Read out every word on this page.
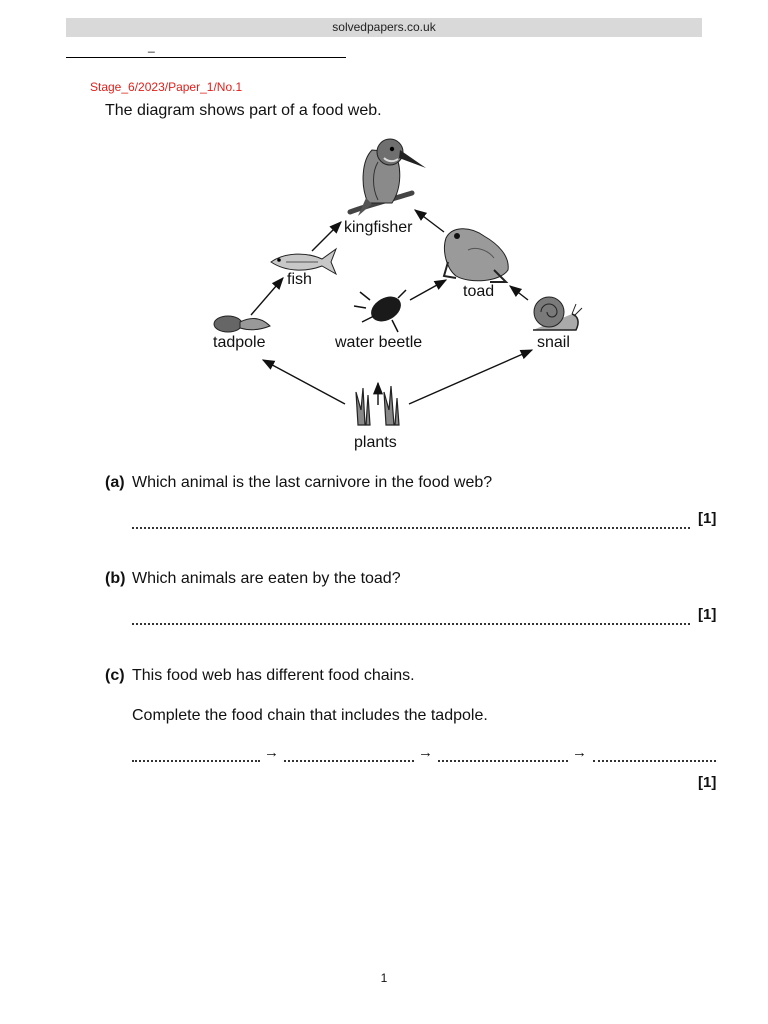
solvedpapers.co.uk
_
Stage_6/2023/Paper_1/No.1
The diagram shows part of a food web.
kingfisher
fish
toad
tadpole	water beetle	snail
plants
(a) Which animal is the last carnivore in the food web?
[1]
(b) Which animals are eaten by the toad?
[1]
(c) This food web has different food chains.
Complete the food chain that includes the tadpole.
→	→	→
[1]
1
